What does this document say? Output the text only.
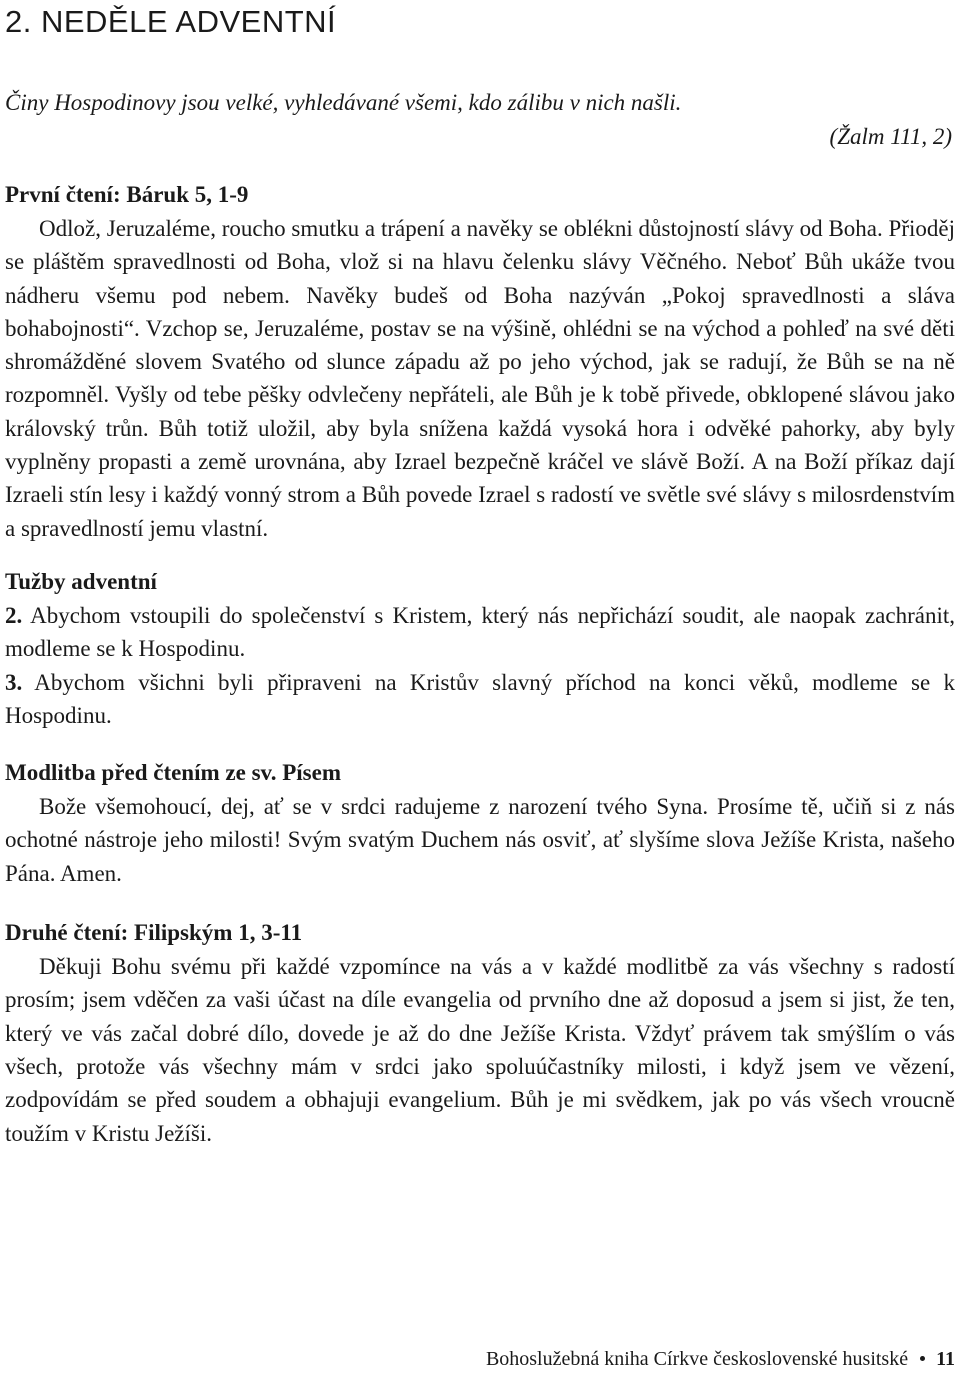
2. NEDĚLE ADVENTNÍ
Činy Hospodinovy jsou velké, vyhledávané všemi, kdo zálibu v nich našli.
(Žalm 111, 2)
První čtení: Báruk 5, 1-9

Odlož, Jeruzaléme, roucho smutku a trápení a navěky se oblékni důstojností slávy od Boha. Přioděj se pláštěm spravedlnosti od Boha, vlož si na hlavu čelenku slávy Věčného. Neboť Bůh ukáže tvou nádheru všemu pod nebem. Navěky budeš od Boha nazýván „Pokoj spravedlnosti a sláva bohabojnosti“. Vzchop se, Jeruzaléme, postav se na výšině, ohlédni se na východ a pohleď na své děti shromážděné slovem Svatého od slunce západu až po jeho východ, jak se radují, že Bůh se na ně rozpomněl. Vyšly od tebe pěšky odvlečeny nepřáteli, ale Bůh je k tobě přivede, obklopené slávou jako královský trůn. Bůh totiž uložil, aby byla snížena každá vysoká hora i odvěké pahorky, aby byly vyplněny propasti a země urovnána, aby Izrael bezpečně kráčel ve slávě Boží. A na Boží příkaz dají Izraeli stín lesy i každý vonný strom a Bůh povede Izrael s radostí ve světle své slávy s milosrdenstvím a spravedlností jemu vlastní.

Tužby adventní

2. Abychom vstoupili do společenství s Kristem, který nás nepřichází soudit, ale naopak zachránit, modleme se k Hospodinu.

3. Abychom všichni byli připraveni na Kristův slavný příchod na konci věků, modleme se k Hospodinu.

Modlitba před čtením ze sv. Písem

Bože všemohoucí, dej, ať se v srdci radujeme z narození tvého Syna. Prosíme tě, učiň si z nás ochotné nástroje jeho milosti! Svým svatým Duchem nás osviť, ať slyšíme slova Ježíše Krista, našeho Pána. Amen.

Druhé čtení: Filipským 1, 3-11

Děkuji Bohu svému při každé vzpomínce na vás a v každé modlitbě za vás všechny s radostí prosím; jsem vděčen za vaši účast na díle evangelia od prvního dne až doposud a jsem si jist, že ten, který ve vás začal dobré dílo, dovede je až do dne Ježíše Krista. Vždyť právem tak smýšlím o vás všech, protože vás všechny mám v srdci jako spoluúčastníky milosti, i když jsem ve vězení, zodpovídám se před soudem a obhajuji evangelium. Bůh je mi svědkem, jak po vás všech vroucně toužím v Kristu Ježíši.

Bohoslužebná kniha Církve československé husitské 11
